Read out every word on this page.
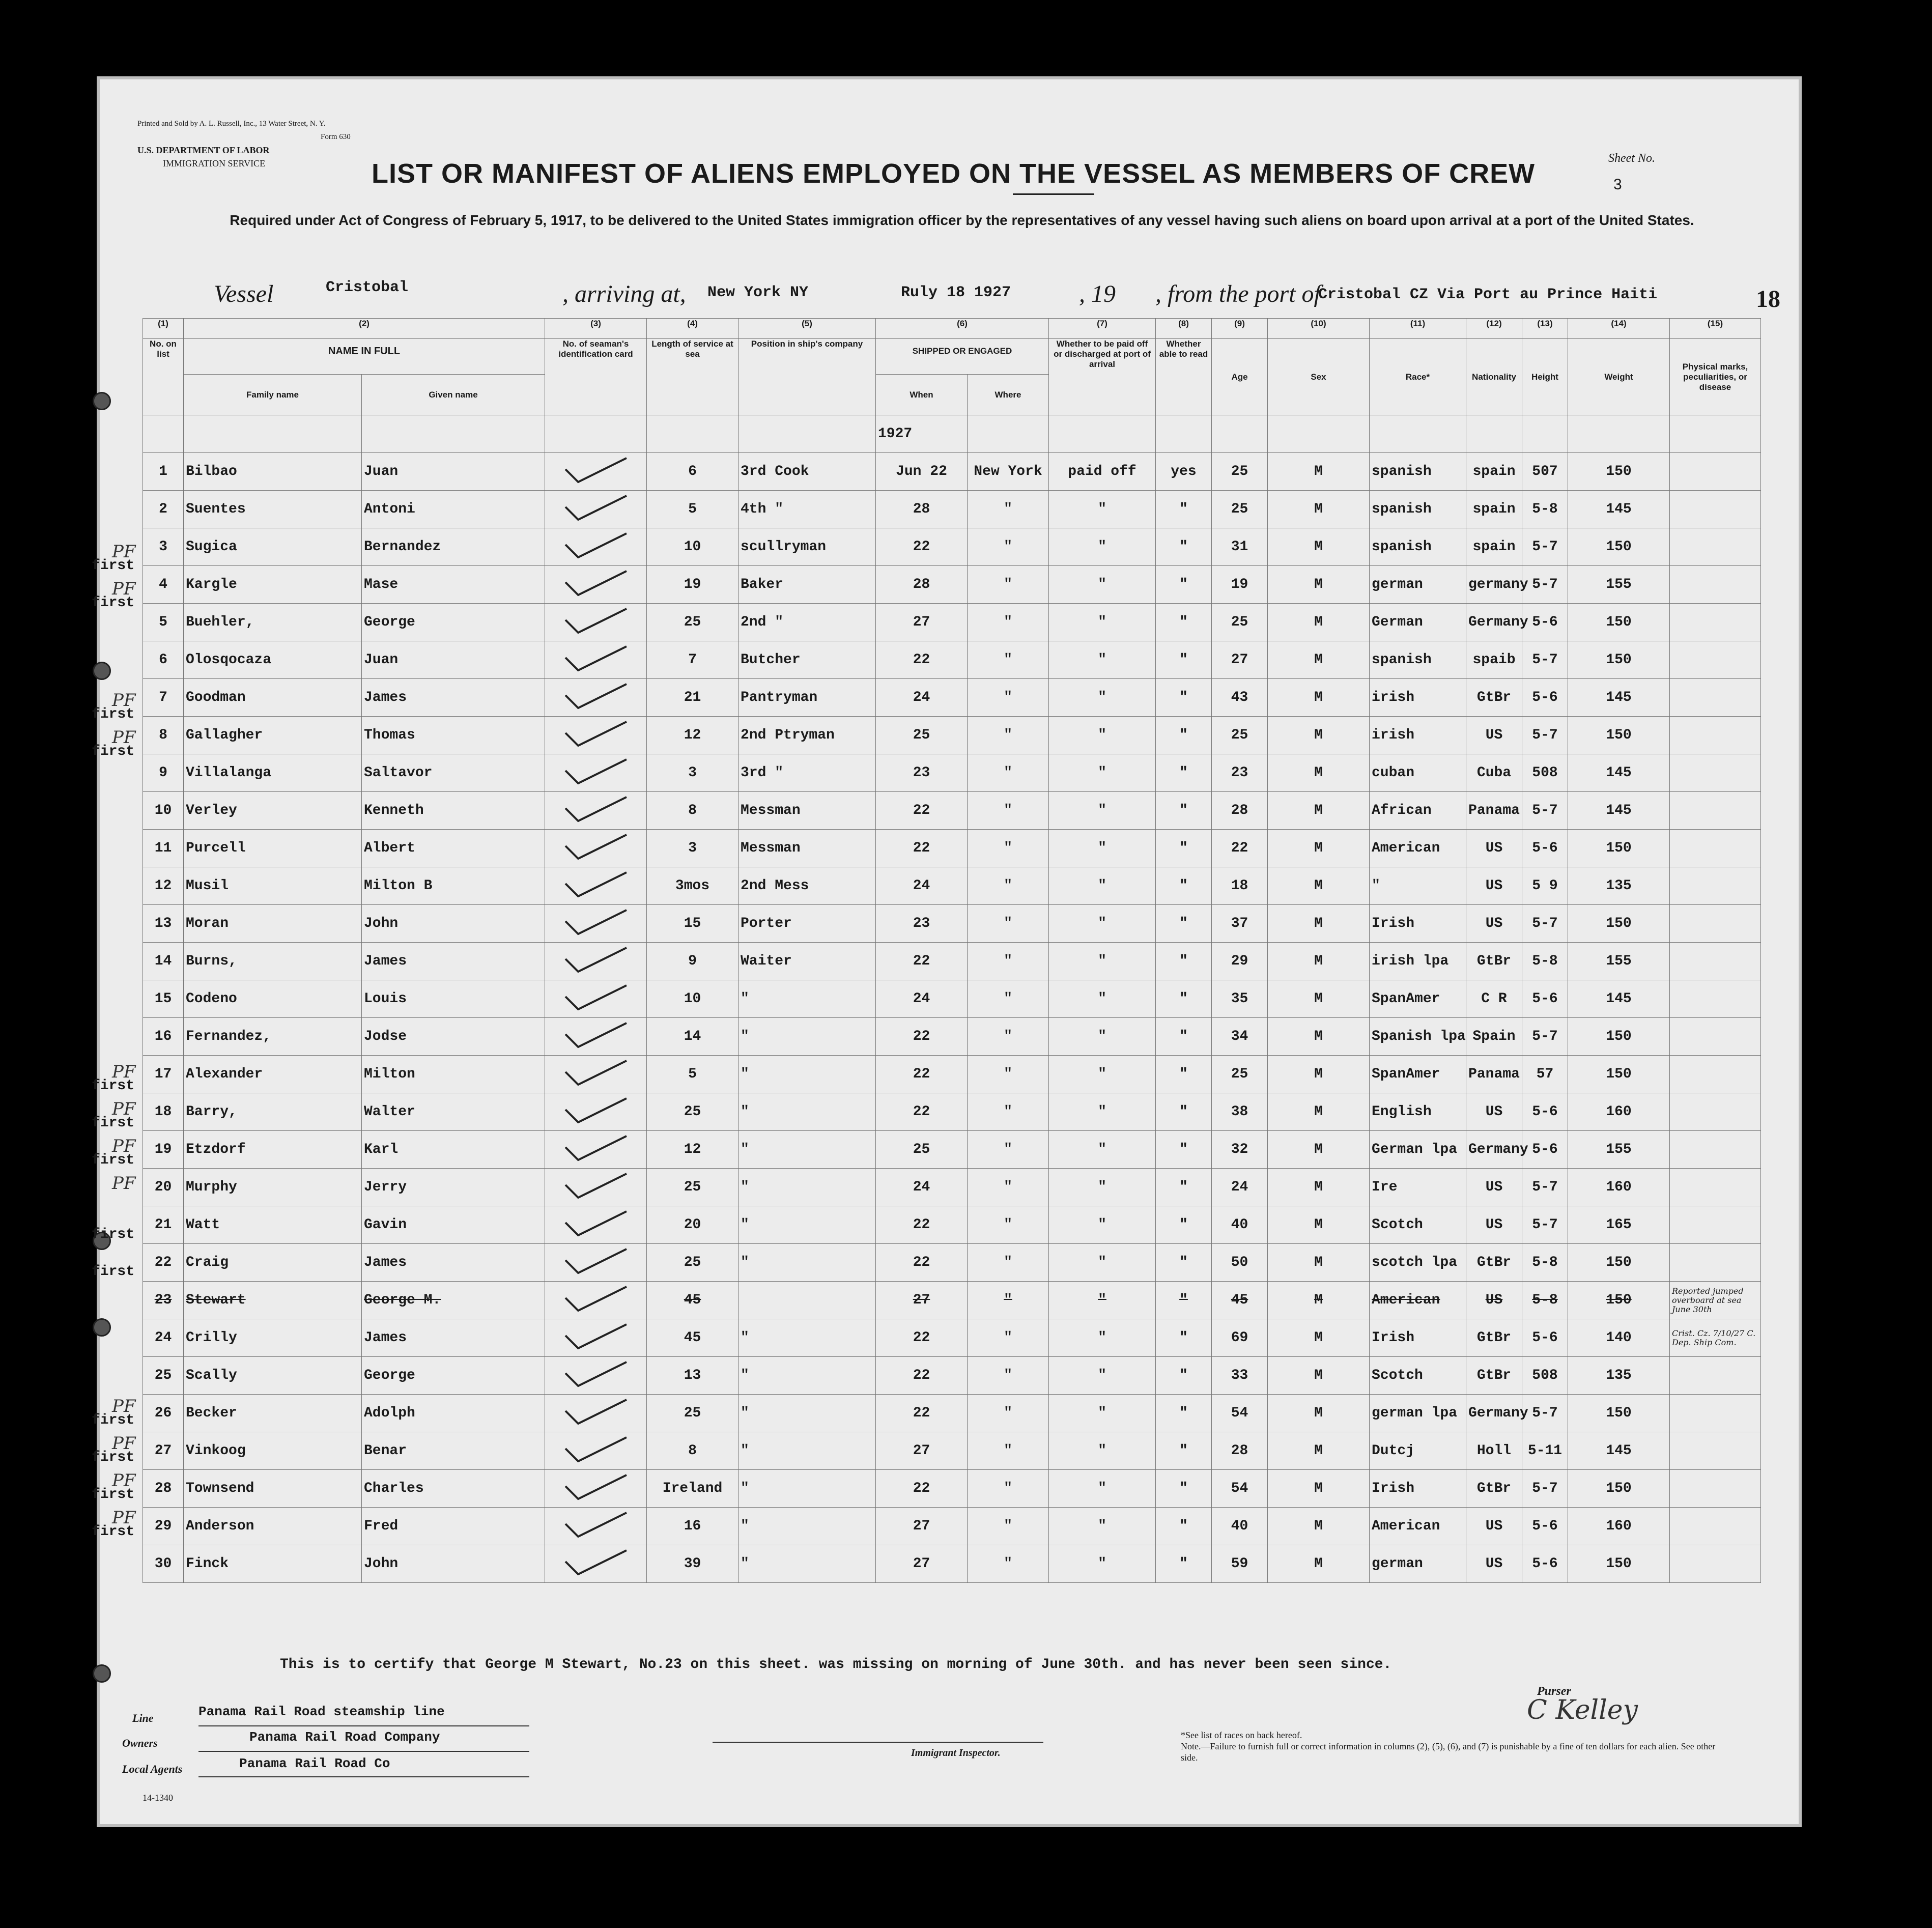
Printed and Sold by A. L. Russell, Inc., 13 Water Street, N. Y.
Form 630
U.S. DEPARTMENT OF LABOR
IMMIGRATION SERVICE	LIST OR MANIFEST OF ALIENS EMPLOYED ON THE VESSEL AS MEMBERS OF CREW	Sheet No.
3
Required under Act of Congress of February 5, 1917, to be delivered to the United States immigration officer by the representatives of any vessel having such aliens on board upon arrival at a port of the United States.
Vessel	Cristobal	, arriving at, New York NY	Ruly 18 1927	, 19 , from the port of
Cristobal CZ Via Port au Prince Haiti	18
(1)	(2)		(3)	(4)	(5)	(6)		(7)	(8)	(9)	(10)	(11)	(12)	(13)	(14)	(15)
No. on list	NAME IN FULL		No. of seaman's identification card	Length of service at sea	Position in ship's company	SHIPPED OR ENGAGED		Whether to be paid off or discharged at port of arrival	Whether able to read	Age	Sex	Race*	Nationality	Height	Weight	Physical marks, peculiarities, or disease
	Family name	Given name				When	Where									
						1927										
1	Bilbao	Juan		6	3rd Cook	Jun 22	New York	paid off	yes	25	M	spanish	spain	507	150	
2	Suentes	Antoni		5	4th "	28	"	"	"	25	M	spanish	spain	5-8	145	
3	Sugica	Bernandez		10	scullryman	22	"	"	"	31	M	spanish	spain	5-7	150	
4	Kargle	Mase		19	Baker	28	"	"	"	19	M	german	germany	5-7	155	
5	Buehler,	George		25	2nd "	27	"	"	"	25	M	German	Germany	5-6	150	
6	Olosqocaza	Juan		7	Butcher	22	"	"	"	27	M	spanish	spaib	5-7	150	
7	Goodman	James		21	Pantryman	24	"	"	"	43	M	irish	GtBr	5-6	145	
8	Gallagher	Thomas		12	2nd Ptryman	25	"	"	"	25	M	irish	US	5-7	150	
9	Villalanga	Saltavor		3	3rd "	23	"	"	"	23	M	cuban	Cuba	508	145	
10	Verley	Kenneth		8	Messman	22	"	"	"	28	M	African	Panama	5-7	145	
11	Purcell	Albert		3	Messman	22	"	"	"	22	M	American	US	5-6	150	
12	Musil	Milton B		3mos	2nd Mess	24	"	"	"	18	M	"	US	5 9	135	
13	Moran	John		15	Porter	23	"	"	"	37	M	Irish	US	5-7	150	
14	Burns,	James		9	Waiter	22	"	"	"	29	M	irish lpa	GtBr	5-8	155	
15	Codeno	Louis		10	"	24	"	"	"	35	M	SpanAmer	C R	5-6	145	
16	Fernandez,	Jodse		14	"	22	"	"	"	34	M	Spanish lpa	Spain	5-7	150	
17	Alexander	Milton		5	"	22	"	"	"	25	M	SpanAmer	Panama	57	150	
18	Barry,	Walter		25	"	22	"	"	"	38	M	English	US	5-6	160	
19	Etzdorf	Karl		12	"	25	"	"	"	32	M	German lpa	Germany	5-6	155	
20	Murphy	Jerry		25	"	24	"	"	"	24	M	Ire	US	5-7	160	
21	Watt	Gavin		20	"	22	"	"	"	40	M	Scotch	US	5-7	165	
22	Craig	James		25	"	22	"	"	"	50	M	scotch lpa	GtBr	5-8	150	
23	Stewart	George M.		45		27	"	"	"	45	M	American	US	5-8	150	Reported jumped overboard at sea June 30th
24	Crilly	James		45	"	22	"	"	"	69	M	Irish	GtBr	5-6	140	Crist. Cz. 7/10/27 C. Dep. Ship Com.
25	Scally	George		13	"	22	"	"	"	33	M	Scotch	GtBr	508	135	
26	Becker	Adolph		25	"	22	"	"	"	54	M	german lpa	Germany	5-7	150	
27	Vinkoog	Benar		8	"	27	"	"	"	28	M	Dutcj	Holl	5-11	145	
28	Townsend	Charles		Ireland	"	22	"	"	"	54	M	Irish	GtBr	5-7	150	
29	Anderson	Fred		16	"	27	"	"	"	40	M	American	US	5-6	160	
30	Finck	John		39	"	27	"	"	"	59	M	german	US	5-6	150	
This is to certify that George M Stewart, No.23 on this sheet. was missing on morning of June 30th. and has never been seen since.
Line	Panama Rail Road steamship line
Owners	Panama Rail Road Company
Local Agents	Panama Rail Road Co
14-1340
Immigrant Inspector.
Purser
C Kelley
*See list of races on back hereof.
Note.—Failure to furnish full or correct information in columns (2), (5), (6), and (7) is punishable by a fine of ten dollars for each alien. See other side.
first
first
first
first
first
first
first
first
first
first
first
first
first
PF
PF
PF
PF
PF
PF
PF
PF
PF
PF
PF
PF
